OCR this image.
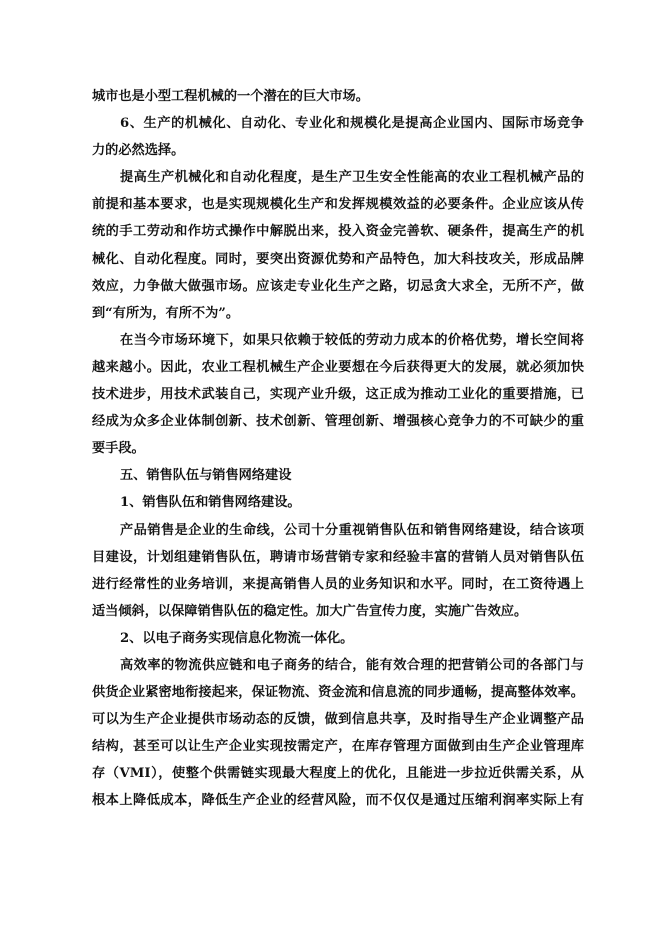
城市也是小型工程机械的一个潜在的巨大市场。
6、生产的机械化、自动化、专业化和规模化是提高企业国内、国际市场竞争
力的必然选择。
提高生产机械化和自动化程度，是生产卫生安全性能高的农业工程机械产品的
前提和基本要求，也是实现规模化生产和发挥规模效益的必要条件。企业应该从传
统的手工劳动和作坊式操作中解脱出来，投入资金完善软、硬条件，提高生产的机
械化、自动化程度。同时，要突出资源优势和产品特色，加大科技攻关，形成品牌
效应，力争做大做强市场。应该走专业化生产之路，切忌贪大求全，无所不产，做
到“有所为，有所不为”。
在当今市场环境下，如果只依赖于较低的劳动力成本的价格优势，增长空间将
越来越小。因此，农业工程机械生产企业要想在今后获得更大的发展，就必须加快
技术进步，用技术武装自己，实现产业升级，这正成为推动工业化的重要措施，已
经成为众多企业体制创新、技术创新、管理创新、增强核心竞争力的不可缺少的重
要手段。
五、销售队伍与销售网络建设
1、销售队伍和销售网络建设。
产品销售是企业的生命线，公司十分重视销售队伍和销售网络建设，结合该项
目建设，计划组建销售队伍，聘请市场营销专家和经验丰富的营销人员对销售队伍
进行经常性的业务培训，来提高销售人员的业务知识和水平。同时，在工资待遇上
适当倾斜，以保障销售队伍的稳定性。加大广告宣传力度，实施广告效应。
2、以电子商务实现信息化物流一体化。
高效率的物流供应链和电子商务的结合，能有效合理的把营销公司的各部门与
供货企业紧密地衔接起来，保证物流、资金流和信息流的同步通畅，提高整体效率。
可以为生产企业提供市场动态的反馈，做到信息共享，及时指导生产企业调整产品
结构，甚至可以让生产企业实现按需定产，在库存管理方面做到由生产企业管理库
存（VMI），使整个供需链实现最大程度上的优化，且能进一步拉近供需关系，从
根本上降低成本，降低生产企业的经营风险，而不仅仅是通过压缩利润率实际上有
